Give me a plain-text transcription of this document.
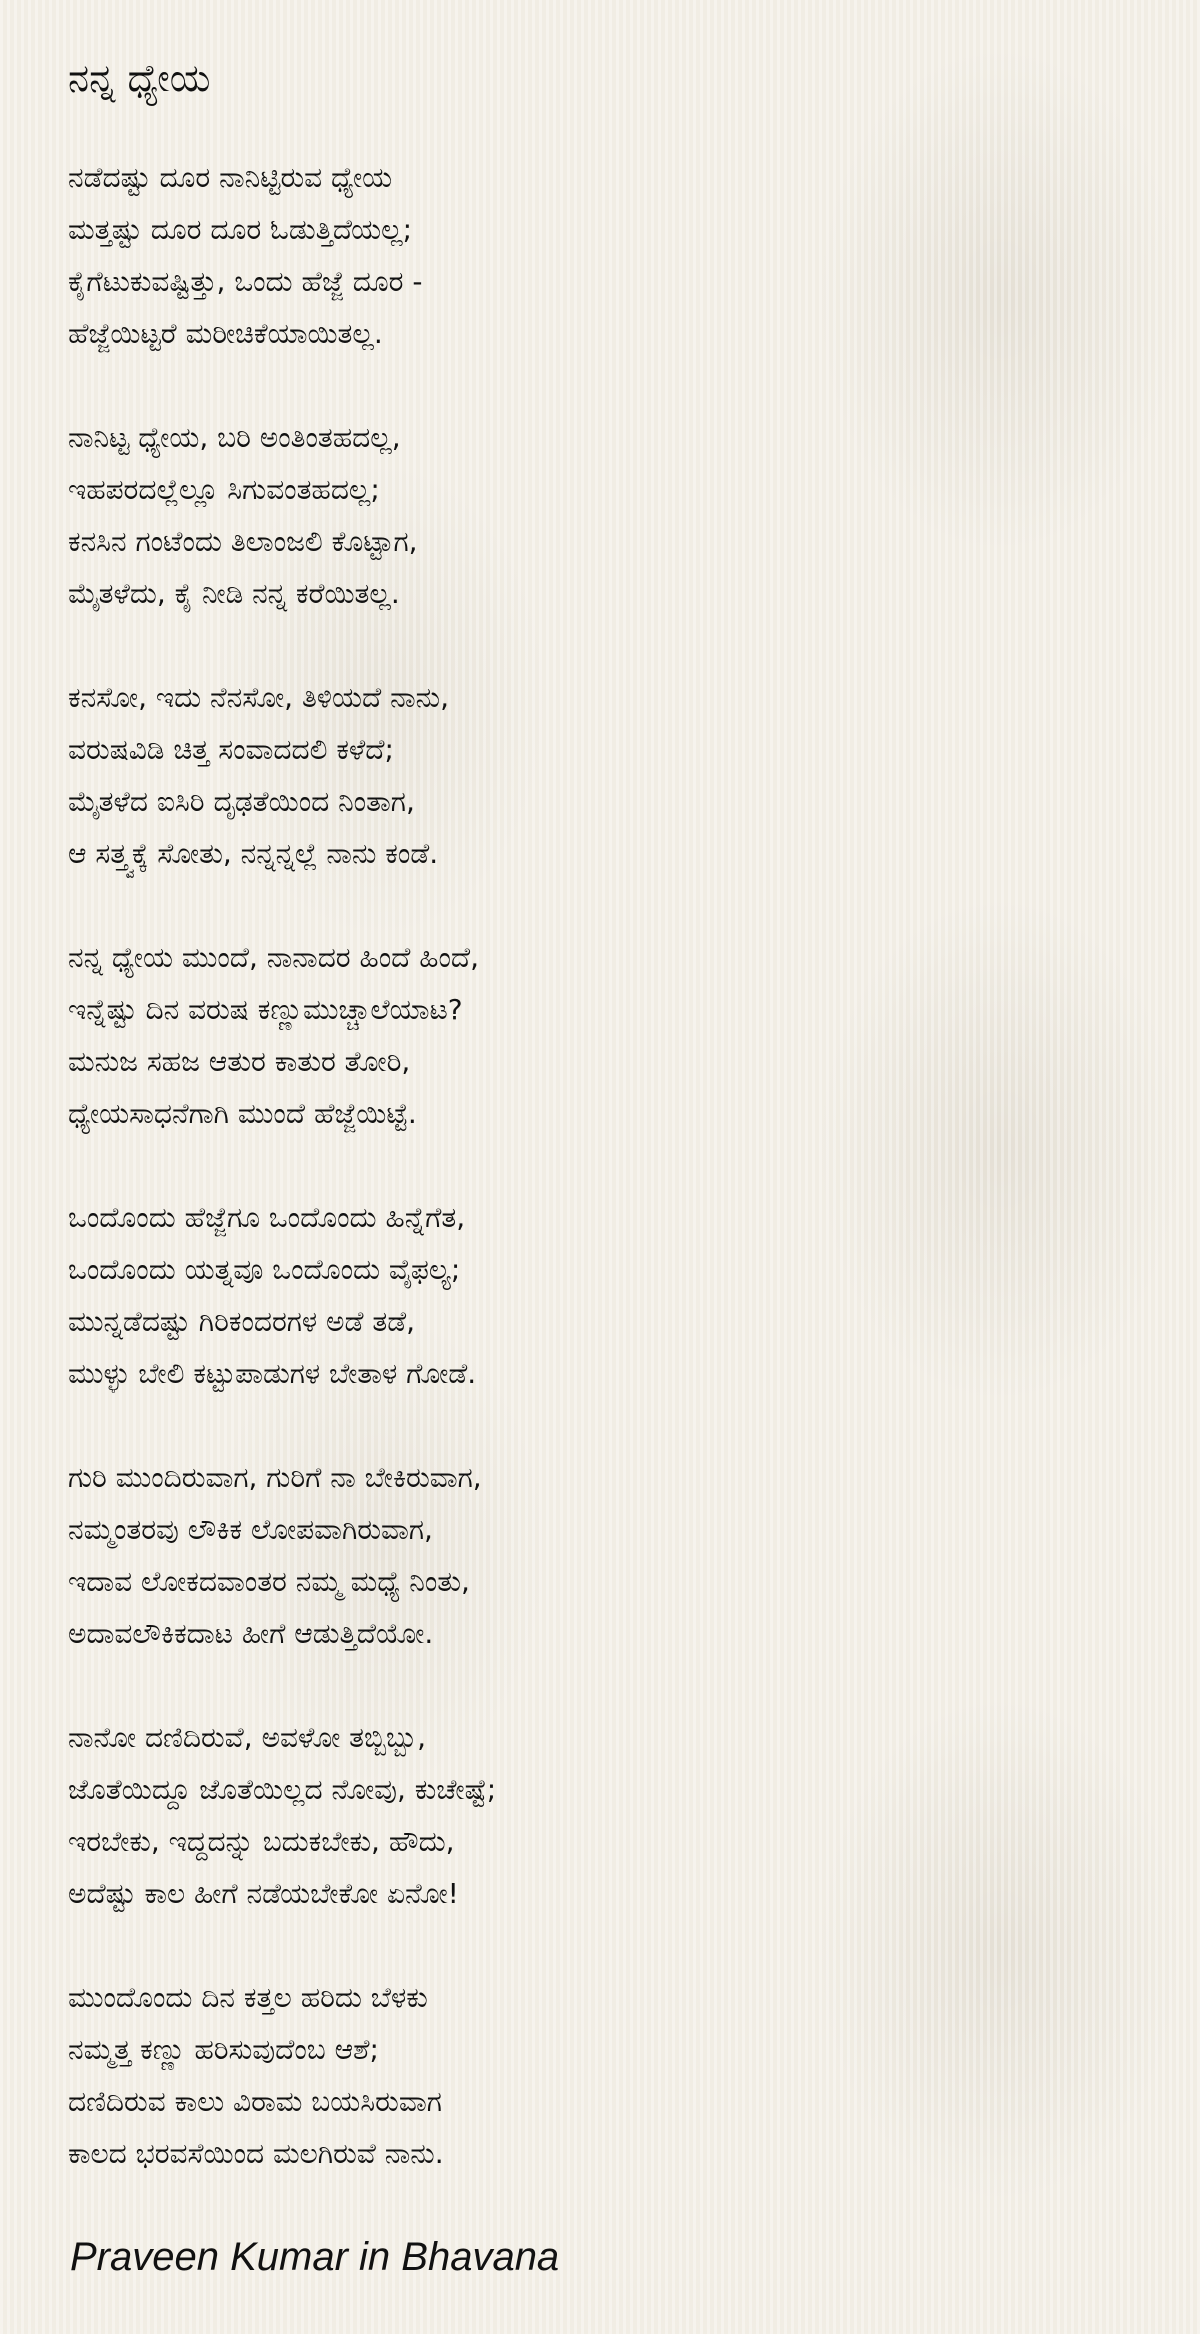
ನನ್ನ ಧ್ಯೇಯ
ನಡೆದಷ್ಟು ದೂರ ನಾನಿಟ್ಟಿರುವ ಧ್ಯೇಯ
ಮತ್ತಷ್ಟು ದೂರ ದೂರ ಓಡುತ್ತಿದೆಯಲ್ಲ;
ಕೈಗೆಟುಕುವಷ್ಟಿತ್ತು, ಒಂದು ಹೆಜ್ಜೆ ದೂರ -
ಹೆಜ್ಜೆಯಿಟ್ಟರೆ ಮರೀಚಿಕೆಯಾಯಿತಲ್ಲ.
ನಾನಿಟ್ಟ ಧ್ಯೇಯ, ಬರಿ ಅಂತಿಂತಹದಲ್ಲ,
ಇಹಪರದಲ್ಲೆಲ್ಲೂ ಸಿಗುವಂತಹದಲ್ಲ;
ಕನಸಿನ ಗಂಟೆಂದು ತಿಲಾಂಜಲಿ ಕೊಟ್ಟಾಗ,
ಮೈತಳೆದು, ಕೈ ನೀಡಿ ನನ್ನ ಕರೆಯಿತಲ್ಲ.
ಕನಸೋ, ಇದು ನೆನಸೋ, ತಿಳಿಯದೆ ನಾನು,
ವರುಷವಿಡಿ ಚಿತ್ತ ಸಂವಾದದಲಿ ಕಳೆದೆ;
ಮೈತಳೆದ ಐಸಿರಿ ದೃಢತೆಯಿಂದ ನಿಂತಾಗ,
ಆ ಸತ್ತ್ವಕ್ಕೆ ಸೋತು, ನನ್ನನ್ನಲ್ಲೆ ನಾನು ಕಂಡೆ.
ನನ್ನ ಧ್ಯೇಯ ಮುಂದೆ, ನಾನಾದರ ಹಿಂದೆ ಹಿಂದೆ,
ಇನ್ನೆಷ್ಟು ದಿನ ವರುಷ ಕಣ್ಣುಮುಚ್ಚಾಲೆಯಾಟ?
ಮನುಜ ಸಹಜ ಆತುರ ಕಾತುರ ತೋರಿ,
ಧ್ಯೇಯಸಾಧನೆಗಾಗಿ ಮುಂದೆ ಹೆಜ್ಜೆಯಿಟ್ಟೆ.
ಒಂದೊಂದು ಹೆಜ್ಜೆಗೂ ಒಂದೊಂದು ಹಿನ್ನೆಗೆತ,
ಒಂದೊಂದು ಯತ್ನವೂ ಒಂದೊಂದು ವೈಫಲ್ಯ;
ಮುನ್ನಡೆದಷ್ಟು ಗಿರಿಕಂದರಗಳ ಅಡೆ ತಡೆ,
ಮುಳ್ಳು ಬೇಲಿ ಕಟ್ಟುಪಾಡುಗಳ ಬೇತಾಳ ಗೋಡೆ.
ಗುರಿ ಮುಂದಿರುವಾಗ, ಗುರಿಗೆ ನಾ ಬೇಕಿರುವಾಗ,
ನಮ್ಮಂತರವು ಲೌಕಿಕ ಲೋಪವಾಗಿರುವಾಗ,
ಇದಾವ ಲೋಕದವಾಂತರ ನಮ್ಮ ಮಧ್ಯೆ ನಿಂತು,
ಅದಾವಲೌಕಿಕದಾಟ ಹೀಗೆ ಆಡುತ್ತಿದೆಯೋ.
ನಾನೋ ದಣಿದಿರುವೆ, ಅವಳೋ ತಬ್ಬಿಬ್ಬು,
ಜೊತೆಯಿದ್ದೂ ಜೊತೆಯಿಲ್ಲದ ನೋವು, ಕುಚೇಷ್ಟೆ;
ಇರಬೇಕು, ಇದ್ದದನ್ನು ಬದುಕಬೇಕು, ಹೌದು,
ಅದೆಷ್ಟು ಕಾಲ ಹೀಗೆ ನಡೆಯಬೇಕೋ ಏನೋ!
ಮುಂದೊಂದು ದಿನ ಕತ್ತಲ ಹರಿದು ಬೆಳಕು
ನಮ್ಮತ್ತ ಕಣ್ಣು ಹರಿಸುವುದೆಂಬ ಆಶೆ;
ದಣಿದಿರುವ ಕಾಲು ವಿರಾಮ ಬಯಸಿರುವಾಗ
ಕಾಲದ ಭರವಸೆಯಿಂದ ಮಲಗಿರುವೆ ನಾನು.
Praveen Kumar in Bhavana
